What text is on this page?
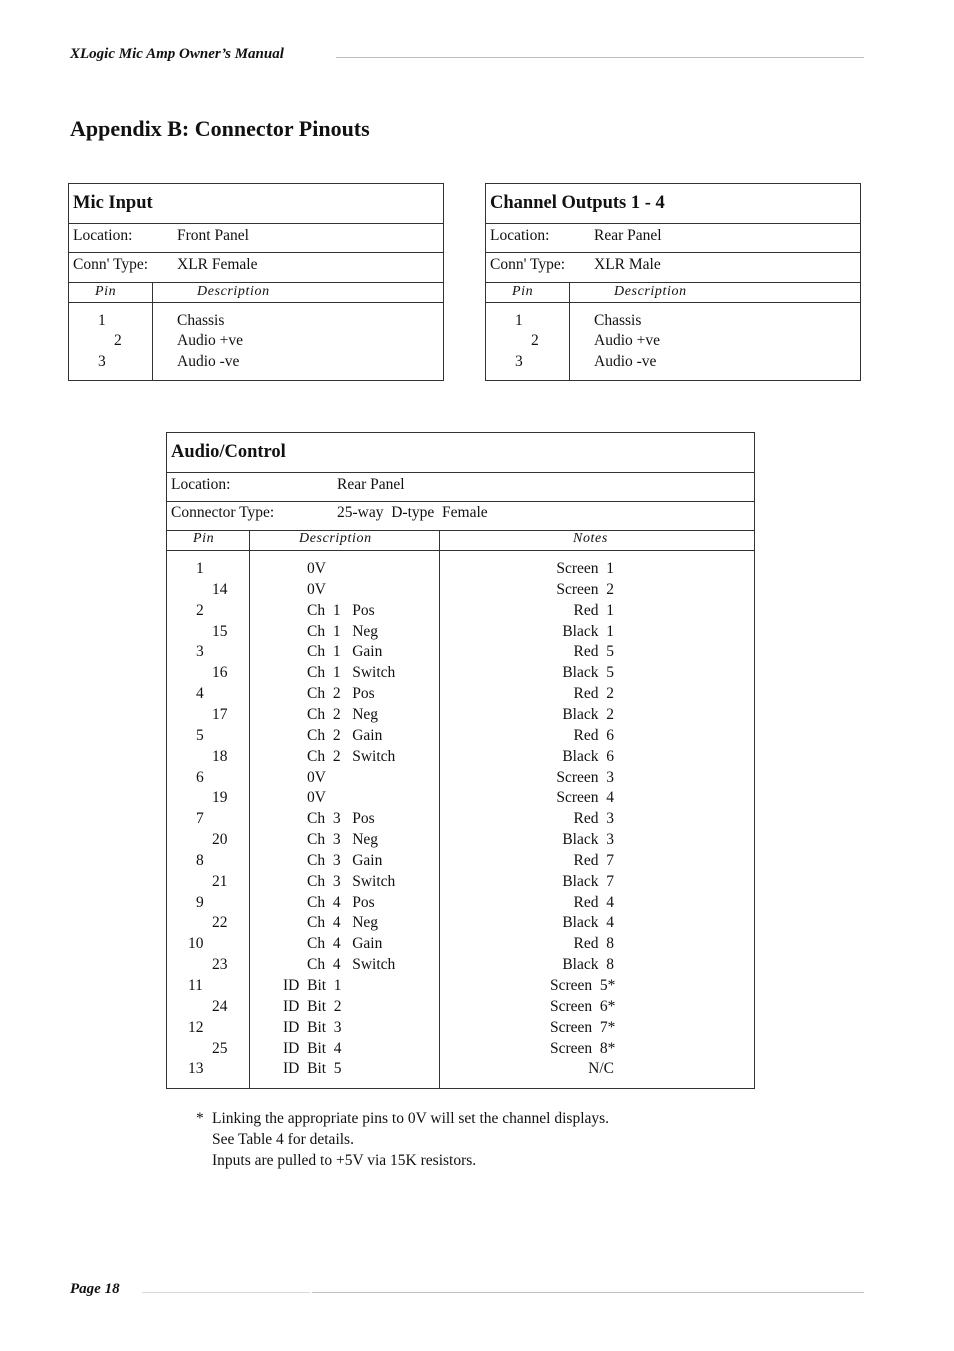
XLogic Mic Amp Owner’s Manual
Appendix B: Connector Pinouts
Mic Input
Location:	Front Panel
Conn' Type: XLR Female
Pin	Description
1	Chassis
2	Audio +ve
3	Audio -ve
Channel Outputs 1 - 4
Location:	Rear Panel
Conn' Type: XLR Male
Pin	Description
1	Chassis
2	Audio +ve
3	Audio -ve
Audio/Control
Location:	Rear Panel
Connector Type:	25-way  D-type  Female
Pin	Description	Notes
1	0V	Screen  1
14	0V	Screen  2
2	Ch  1   Pos	Red  1
15	Ch  1   Neg	Black  1
3	Ch  1   Gain	Red  5
16	Ch  1   Switch	Black  5
4	Ch  2   Pos	Red  2
17	Ch  2   Neg	Black  2
5	Ch  2   Gain	Red  6
18	Ch  2   Switch	Black  6
6	0V	Screen  3
19	0V	Screen  4
7	Ch  3   Pos	Red  3
20	Ch  3   Neg	Black  3
8	Ch  3   Gain	Red  7
21	Ch  3   Switch	Black  7
9	Ch  4   Pos	Red  4
22	Ch  4   Neg	Black  4
10	Ch  4   Gain	Red  8
23	Ch  4   Switch	Black  8
11	ID  Bit  1	Screen  5*
24	ID  Bit  2	Screen  6*
12	ID  Bit  3	Screen  7*
25	ID  Bit  4	Screen  8*
13	ID  Bit  5	N/C
* Linking the appropriate pins to 0V will set the channel displays.
See Table 4 for details.
Inputs are pulled to +5V via 15K resistors.
Page 18
